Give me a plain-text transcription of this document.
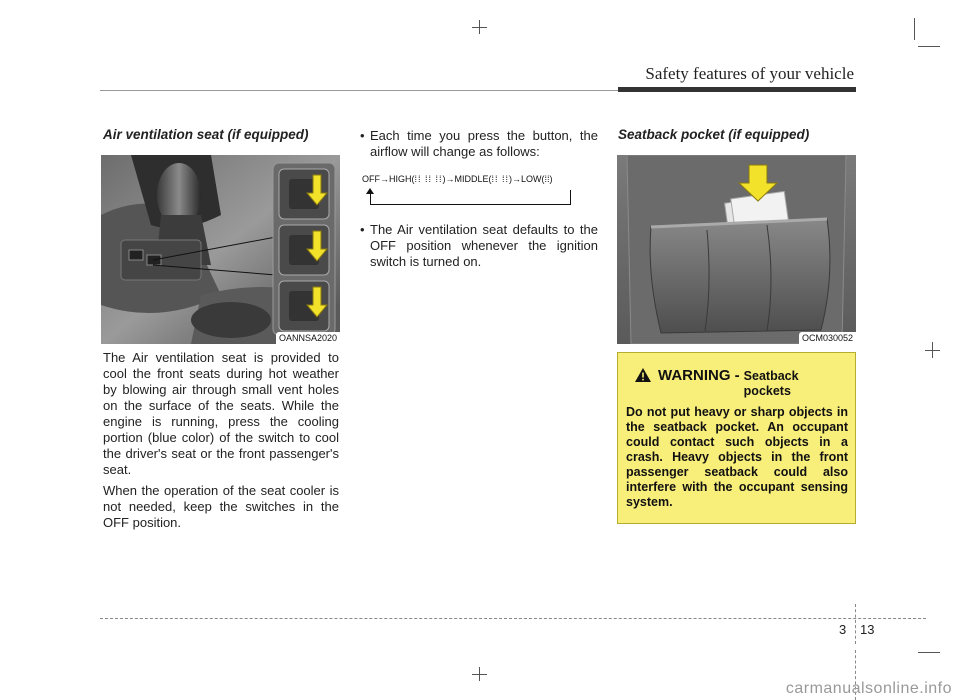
Safety features of your vehicle
Air ventilation seat (if equipped)
OANNSA2020

The Air ventilation seat is provided to cool the front seats during hot weather by blowing air through small vent holes on the surface of the seats. While the engine is running, press the cooling portion (blue color) of the switch to cool the driver's seat or the front passenger's seat.

When the operation of the seat cooler is not needed, keep the switches in the OFF position.

• Each time you press the button, the airflow will change as follows:
OFF→HIGH(⁞⁞ ⁞⁞ ⁞⁞)→MIDDLE(⁞⁞ ⁞⁞)→LOW(⁞⁞)
• The Air ventilation seat defaults to the OFF position whenever the ignition switch is turned on.
Seatback pocket (if equipped)
OCM030052
WARNING - Seatback pockets
Do not put heavy or sharp objects in the seatback pocket. An occupant could contact such objects in a crash. Heavy objects in the front passenger seatback could also interfere with the occupant sensing system.
3 13
carmanualsonline.info
